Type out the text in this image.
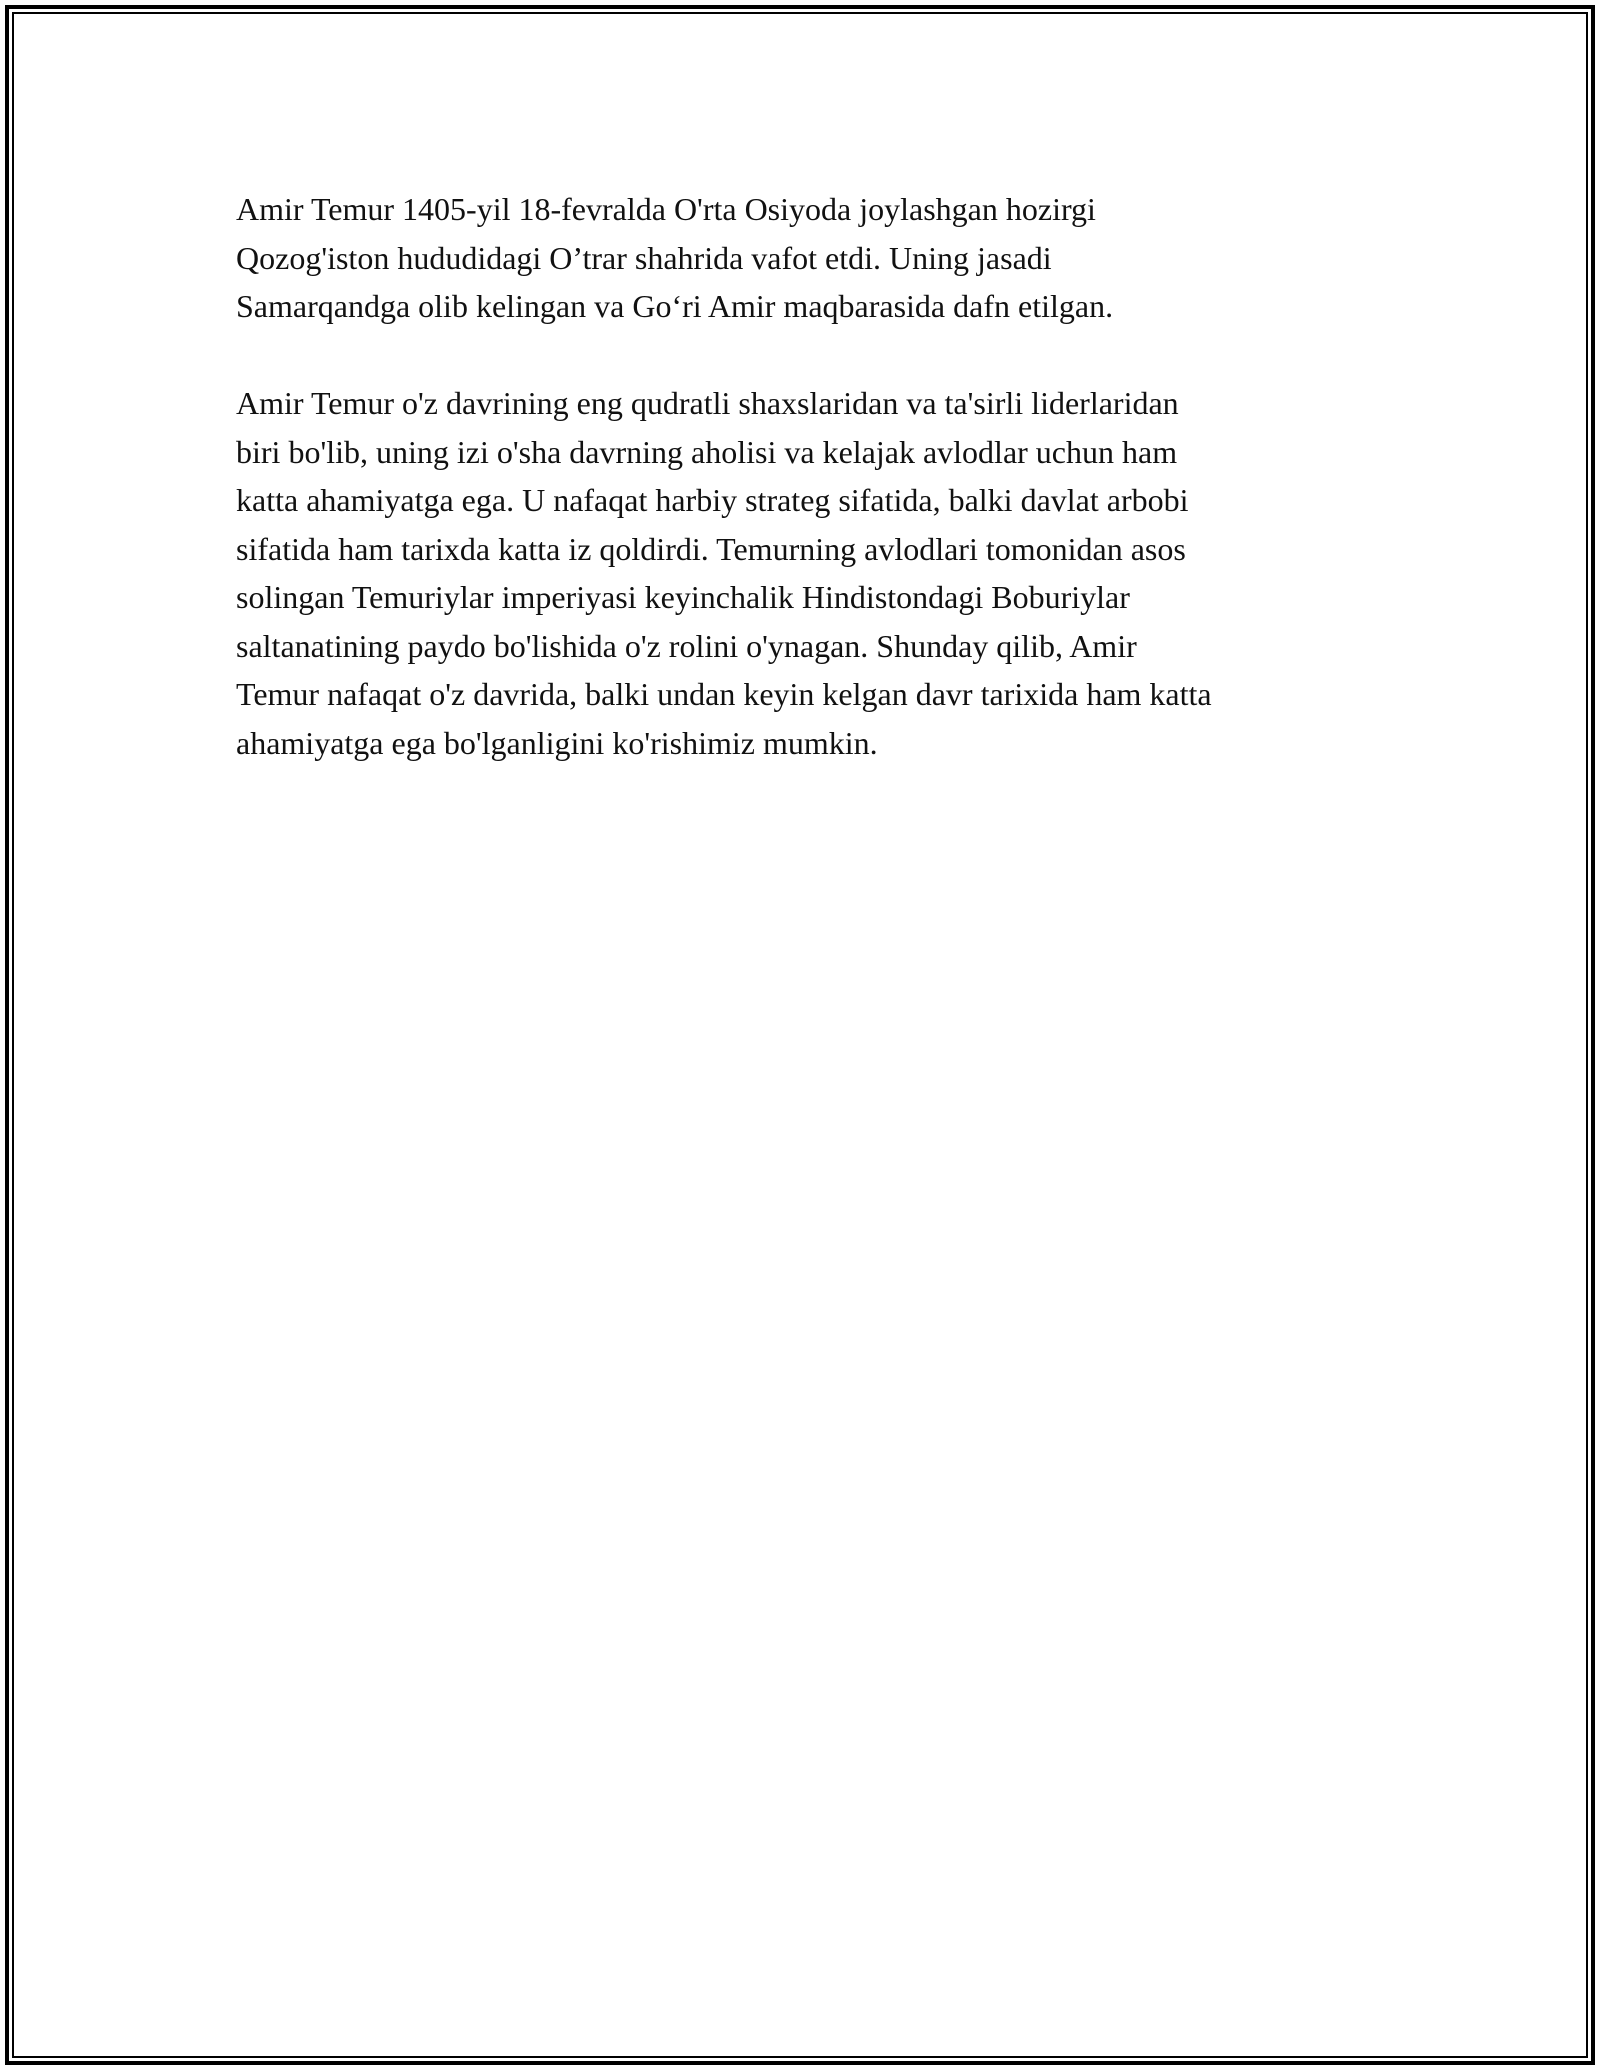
Amir Temur 1405-yil 18-fevralda O'rta Osiyoda joylashgan hozirgi
Qozog'iston hududidagi O’trar shahrida vafot etdi. Uning jasadi
Samarqandga olib kelingan va Go‘ri Amir maqbarasida dafn etilgan.

Amir Temur o'z davrining eng qudratli shaxslaridan va ta'sirli liderlaridan
biri bo'lib, uning izi o'sha davrning aholisi va kelajak avlodlar uchun ham
katta ahamiyatga ega. U nafaqat harbiy strateg sifatida, balki davlat arbobi
sifatida ham tarixda katta iz qoldirdi. Temurning avlodlari tomonidan asos
solingan Temuriylar imperiyasi keyinchalik Hindistondagi Boburiylar
saltanatining paydo bo'lishida o'z rolini o'ynagan. Shunday qilib, Amir
Temur nafaqat o'z davrida, balki undan keyin kelgan davr tarixida ham katta
ahamiyatga ega bo'lganligini ko'rishimiz mumkin.
